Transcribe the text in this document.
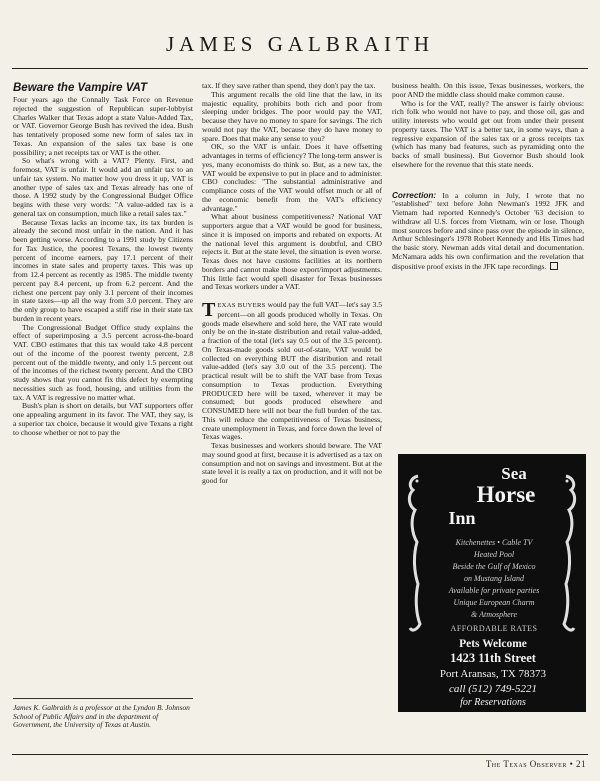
JAMES GALBRAITH
Beware the Vampire VAT

Four years ago the Connally Task Force on Revenue rejected the suggestion of Republican super-lobbyist Charles Walker that Texas adopt a state Value-Added Tax, or VAT. Governor George Bush has revived the idea. Bush has tentatively proposed some new form of sales tax in Texas. An expansion of the sales tax base is one possibility; a net receipts tax or VAT is the other.

So what's wrong with a VAT? Plenty. First, and foremost, VAT is unfair. It would add an unfair tax to an unfair tax system. No matter how you dress it up, VAT is another type of sales tax and Texas already has one of those. A 1992 study by the Congressional Budget Office begins with these very words: "A value-added tax is a general tax on consumption, much like a retail sales tax."

Because Texas lacks an income tax, its tax burden is already the second most unfair in the nation. And it has been getting worse. According to a 1991 study by Citizens for Tax Justice, the poorest Texans, the lowest twenty percent of income earners, pay 17.1 percent of their incomes in state sales and property taxes. This was up from 12.4 percent as recently as 1985. The middle twenty percent pay 8.4 percent, up from 6.2 percent. And the richest one percent pay only 3.1 percent of their incomes in state taxes—up all the way from 3.0 percent. They are the only group to have escaped a stiff rise in their state tax burden in recent years.

The Congressional Budget Office study explains the effect of superimposing a 3.5 percent across-the-board VAT. CBO estimates that this tax would take 4.8 percent out of the income of the poorest twenty percent, 2.8 percent out of the middle twenty, and only 1.5 percent out of the incomes of the richest twenty percent. And the CBO study shows that you cannot fix this defect by exempting necessities such as food, housing, and utilities from the tax. A VAT is regressive no matter what.

Bush's plan is short on details, but VAT supporters offer one appealing argument in its favor. The VAT, they say, is a superior tax choice, because it would give Texans a right to choose whether or not to pay the

James K. Galbraith is a professor at the Lyndon B. Johnson School of Public Affairs and in the department of Government, the University of Texas at Austin.

tax. If they save rather than spend, they don't pay the tax.

This argument recalls the old line that the law, in its majestic equality, prohibits both rich and poor from sleeping under bridges. The poor would pay the VAT, because they have no money to spare for savings. The rich would not pay the VAT, because they do have money to spare. Does that make any sense to you?

OK, so the VAT is unfair. Does it have offsetting advantages in terms of efficiency? The long-term answer is yes, many economists do think so. But, as a new tax, the VAT would be expensive to put in place and to administer. CBO concludes: "The substantial administrative and compliance costs of the VAT would offset much or all of the economic benefit from the VAT's efficiency advantage."

What about business competitiveness? National VAT supporters argue that a VAT would be good for business, since it is imposed on imports and rebated on exports. At the national level this argument is doubtful, and CBO rejects it. But at the state level, the situation is even worse. Texas does not have customs facilities at its northern borders and cannot make those export/import adjustments. This little fact would spell disaster for Texas businesses and Texas workers under a VAT.

TEXAS BUYERS would pay the full VAT—let's say 3.5 percent—on all goods produced wholly in Texas. On goods made elsewhere and sold here, the VAT rate would only be on the in-state distribution and retail value-added, a fraction of the total (let's say 0.5 out of the 3.5 percent). On Texas-made goods sold out-of-state, VAT would be collected on everything BUT the distribution and retail value-added (let's say 3.0 out of the 3.5 percent). The practical result will be to shift the VAT base from Texas consumption to Texas production. Everything PRODUCED here will be taxed, wherever it may be consumed; but goods produced elsewhere and CONSUMED here will not bear the full burden of the tax. This will reduce the competitiveness of Texas business, create unemployment in Texas, and force down the level of Texas wages.

Texas businesses and workers should beware. The VAT may sound good at first, because it is advertised as a tax on consumption and not on savings and investment. But at the state level it is really a tax on production, and it will not be good for

business health. On this issue, Texas businesses, workers, the poor AND the middle class should make common cause.

Who is for the VAT, really? The answer is fairly obvious: rich folk who would not have to pay, and those oil, gas and utility interests who would get out from under their present property taxes. The VAT is a better tax, in some ways, than a regressive expansion of the sales tax or a gross receipts tax (which has many bad features, such as pyramiding onto the backs of small business). But Governor Bush should look elsewhere for the revenue that this state needs.

Correction: In a column in July, I wrote that no "established" text before John Newman's 1992 JFK and Vietnam had reported Kennedy's October '63 decision to withdraw all U.S. forces from Vietnam, win or lose. Though most sources before and since pass over the episode in silence, Arthur Schlesinger's 1978 Robert Kennedy and His Times had the basic story. Newman adds vital detail and documentation. McNamara adds his own confirmation and the revelation that dispositive proof exists in the JFK tape recordings.

Sea
Horse
Inn
Kitchenettes • Cable TV
Heated Pool
Beside the Gulf of Mexico
on Mustang Island
Available for private parties
Unique European Charm
& Atmosphere
AFFORDABLE RATES
Pets Welcome
1423 11th Street
Port Aransas, TX 78373
call (512) 749-5221
for Reservations
The Texas Observer • 21
